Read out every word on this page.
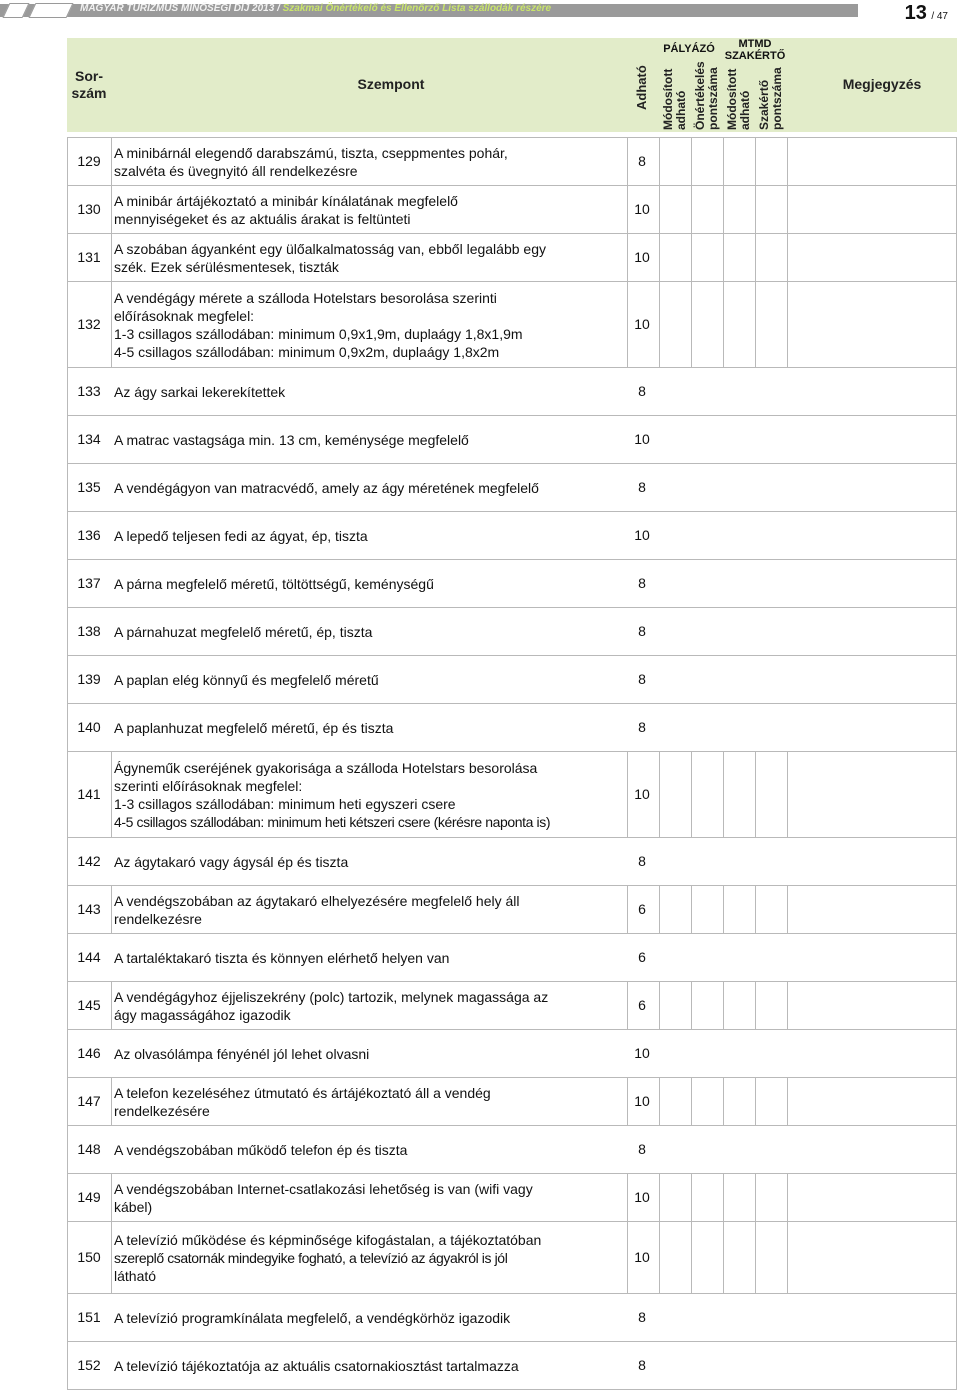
MAGYAR TURIZMUS MINŐSÉGI DÍJ 2013 / Szakmai Önértékelő és Ellenőrző Lista szállodák részére	13 / 47
Sor-szám
Szempont	Adható
PÁLYÁZÓ
Módosított adható Önértékelés pontszáma
MTMD SZAKÉRTŐ
Módosított adható Szakértő pontszáma	Megjegyzés
129 A minibárnál elegendő darabszámú, tiszta, cseppmentes pohár,
szalvéta és üvegnyitó áll rendelkezésre
8
130 A minibár ártájékoztató a minibár kínálatának megfelelő
mennyiségeket és az aktuális árakat is feltünteti
10
131 A szobában ágyanként egy ülőalkalmatosság van, ebből legalább egy
szék. Ezek sérülésmentesek, tiszták
10
132
A vendégágy mérete a szálloda Hotelstars besorolása szerinti
előírásoknak megfelel:
1-3 csillagos szállodában: minimum 0,9x1,9m, duplaágy 1,8x1,9m
4-5 csillagos szállodában: minimum 0,9x2m, duplaágy 1,8x2m
10
133 Az ágy sarkai lekerekítettek	8
134 A matrac vastagsága min. 13 cm, keménysége megfelelő	10
135 A vendégágyon van matracvédő, amely az ágy méretének megfelelő	8
136 A lepedő teljesen fedi az ágyat, ép, tiszta	10
137 A párna megfelelő méretű, töltöttségű, keménységű	8
138 A párnahuzat megfelelő méretű, ép, tiszta	8
139 A paplan elég könnyű és megfelelő méretű	8
140 A paplanhuzat megfelelő méretű, ép és tiszta	8
141
Ágyneműk cseréjének gyakorisága a szálloda Hotelstars besorolása
szerinti előírásoknak megfelel:
1-3 csillagos szállodában: minimum heti egyszeri csere
4-5 csillagos szállodában: minimum heti kétszeri csere (kérésre naponta is)
10
142 Az ágytakaró vagy ágysál ép és tiszta	8
143 A vendégszobában az ágytakaró elhelyezésére megfelelő hely áll
rendelkezésre
6
144 A tartaléktakaró tiszta és könnyen elérhető helyen van	6
145 A vendégágyhoz éjjeliszekrény (polc) tartozik, melynek magassága az
ágy magasságához igazodik
6
146 Az olvasólámpa fényénél jól lehet olvasni	10
147 A telefon kezeléséhez útmutató és ártájékoztató áll a vendég
rendelkezésére
10
148 A vendégszobában működő telefon ép és tiszta	8
149 A vendégszobában Internet-csatlakozási lehetőség is van (wifi vagy
kábel)
10
150
A televízió működése és képminősége kifogástalan, a tájékoztatóban
szereplő csatornák mindegyike fogható, a televízió az ágyakról is jól
látható
10
151 A televízió programkínálata megfelelő, a vendégkörhöz igazodik	8
152 A televízió tájékoztatója az aktuális csatornakiosztást tartalmazza	8
